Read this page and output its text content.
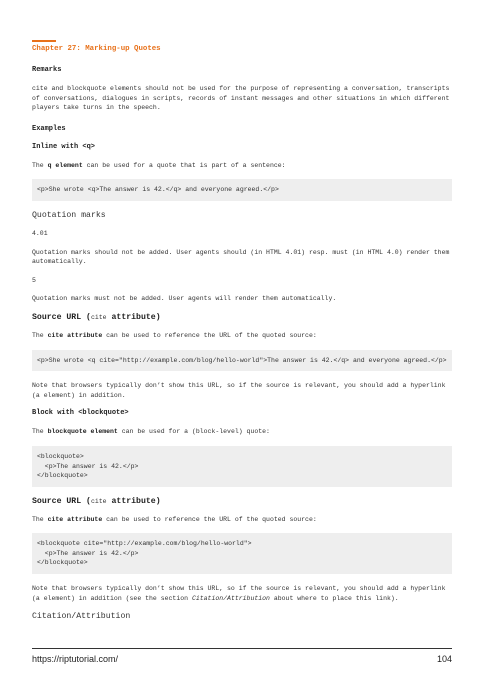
Chapter 27: Marking-up Quotes
Remarks

cite and blockquote elements should not be used for the purpose of representing a conversation, transcripts of conversations, dialogues in scripts, records of instant messages and other situations in which different players take turns in the speech.

Examples
Inline with <q>

The q element can be used for a quote that is part of a sentence:

<p>She wrote <q>The answer is 42.</q> and everyone agreed.</p>
Quotation marks

4.01

Quotation marks should not be added. User agents should (in HTML 4.01) resp. must (in HTML 4.0) render them automatically.

5

Quotation marks must not be added. User agents will render them automatically.

Source URL (cite attribute)

The cite attribute can be used to reference the URL of the quoted source:

<p>She wrote <q cite="http://example.com/blog/hello-world">The answer is 42.</q> and everyone agreed.</p>

Note that browsers typically don’t show this URL, so if the source is relevant, you should add a hyperlink (a element) in addition.

Block with <blockquote>

The blockquote element can be used for a (block-level) quote:

<blockquote>
<p>The answer is 42.</p>
</blockquote>
Source URL (cite attribute)

The cite attribute can be used to reference the URL of the quoted source:

<blockquote cite="http://example.com/blog/hello-world">
<p>The answer is 42.</p>
</blockquote>

Note that browsers typically don’t show this URL, so if the source is relevant, you should add a hyperlink (a element) in addition (see the section Citation/Attribution about where to place this link).

Citation/Attribution
https://riptutorial.com/	104
